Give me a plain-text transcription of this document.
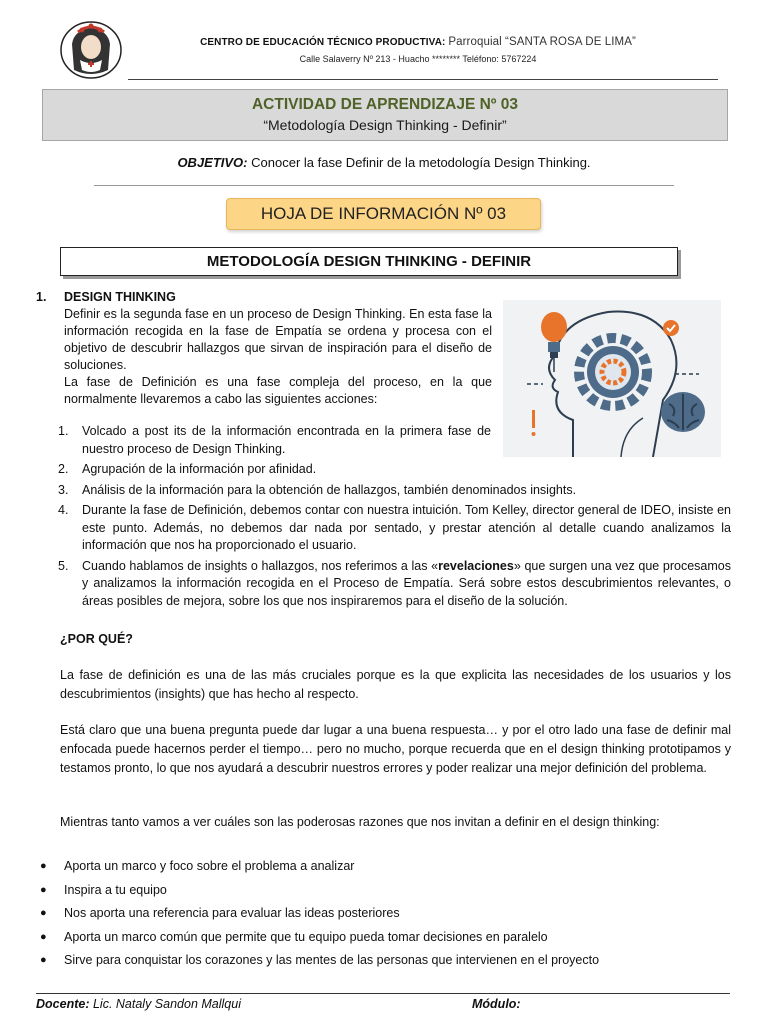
CENTRO DE EDUCACIÓN TÉCNICO PRODUCTIVA: Parroquial “SANTA ROSA DE LIMA”
Calle Salaverry Nº 213 - Huacho ******** Teléfono: 5767224
ACTIVIDAD DE APRENDIZAJE Nº 03
“Metodología Design Thinking - Definir”
OBJETIVO: Conocer la fase Definir de la metodología Design Thinking.
HOJA DE INFORMACIÓN Nº 03
METODOLOGÍA DESIGN THINKING - DEFINIR
1. DESIGN THINKING

Definir es la segunda fase en un proceso de Design Thinking. En esta fase la información recogida en la fase de Empatía se ordena y procesa con el objetivo de descubrir hallazgos que sirvan de inspiración para el diseño de soluciones.

La fase de Definición es una fase compleja del proceso, en la que normalmente llevaremos a cabo las siguientes acciones:

1. Volcado a post its de la información encontrada en la primera fase de nuestro proceso de Design Thinking.
2. Agrupación de la información por afinidad.
3. Análisis de la información para la obtención de hallazgos, también denominados insights.
4. Durante la fase de Definición, debemos contar con nuestra intuición. Tom Kelley, director general de IDEO, insiste en este punto. Además, no debemos dar nada por sentado, y prestar atención al detalle cuando analizamos la información que nos ha proporcionado el usuario.
5. Cuando hablamos de insights o hallazgos, nos referimos a las «revelaciones» que surgen una vez que procesamos y analizamos la información recogida en el Proceso de Empatía. Será sobre estos descubrimientos relevantes, o áreas posibles de mejora, sobre los que nos inspiraremos para el diseño de la solución.
¿POR QUÉ?

La fase de definición es una de las más cruciales porque es la que explicita las necesidades de los usuarios y los descubrimientos (insights) que has hecho al respecto.

Está claro que una buena pregunta puede dar lugar a una buena respuesta… y por el otro lado una fase de definir mal enfocada puede hacernos perder el tiempo… pero no mucho, porque recuerda que en el design thinking prototipamos y testamos pronto, lo que nos ayudará a descubrir nuestros errores y poder realizar una mejor definición del problema.

Mientras tanto vamos a ver cuáles son las poderosas razones que nos invitan a definir en el design thinking:

● Aporta un marco y foco sobre el problema a analizar
● Inspira a tu equipo
● Nos aporta una referencia para evaluar las ideas posteriores
● Aporta un marco común que permite que tu equipo pueda tomar decisiones en paralelo
● Sirve para conquistar los corazones y las mentes de las personas que intervienen en el proyecto
Docente: Lic. Nataly Sandon Mallqui	Módulo:
